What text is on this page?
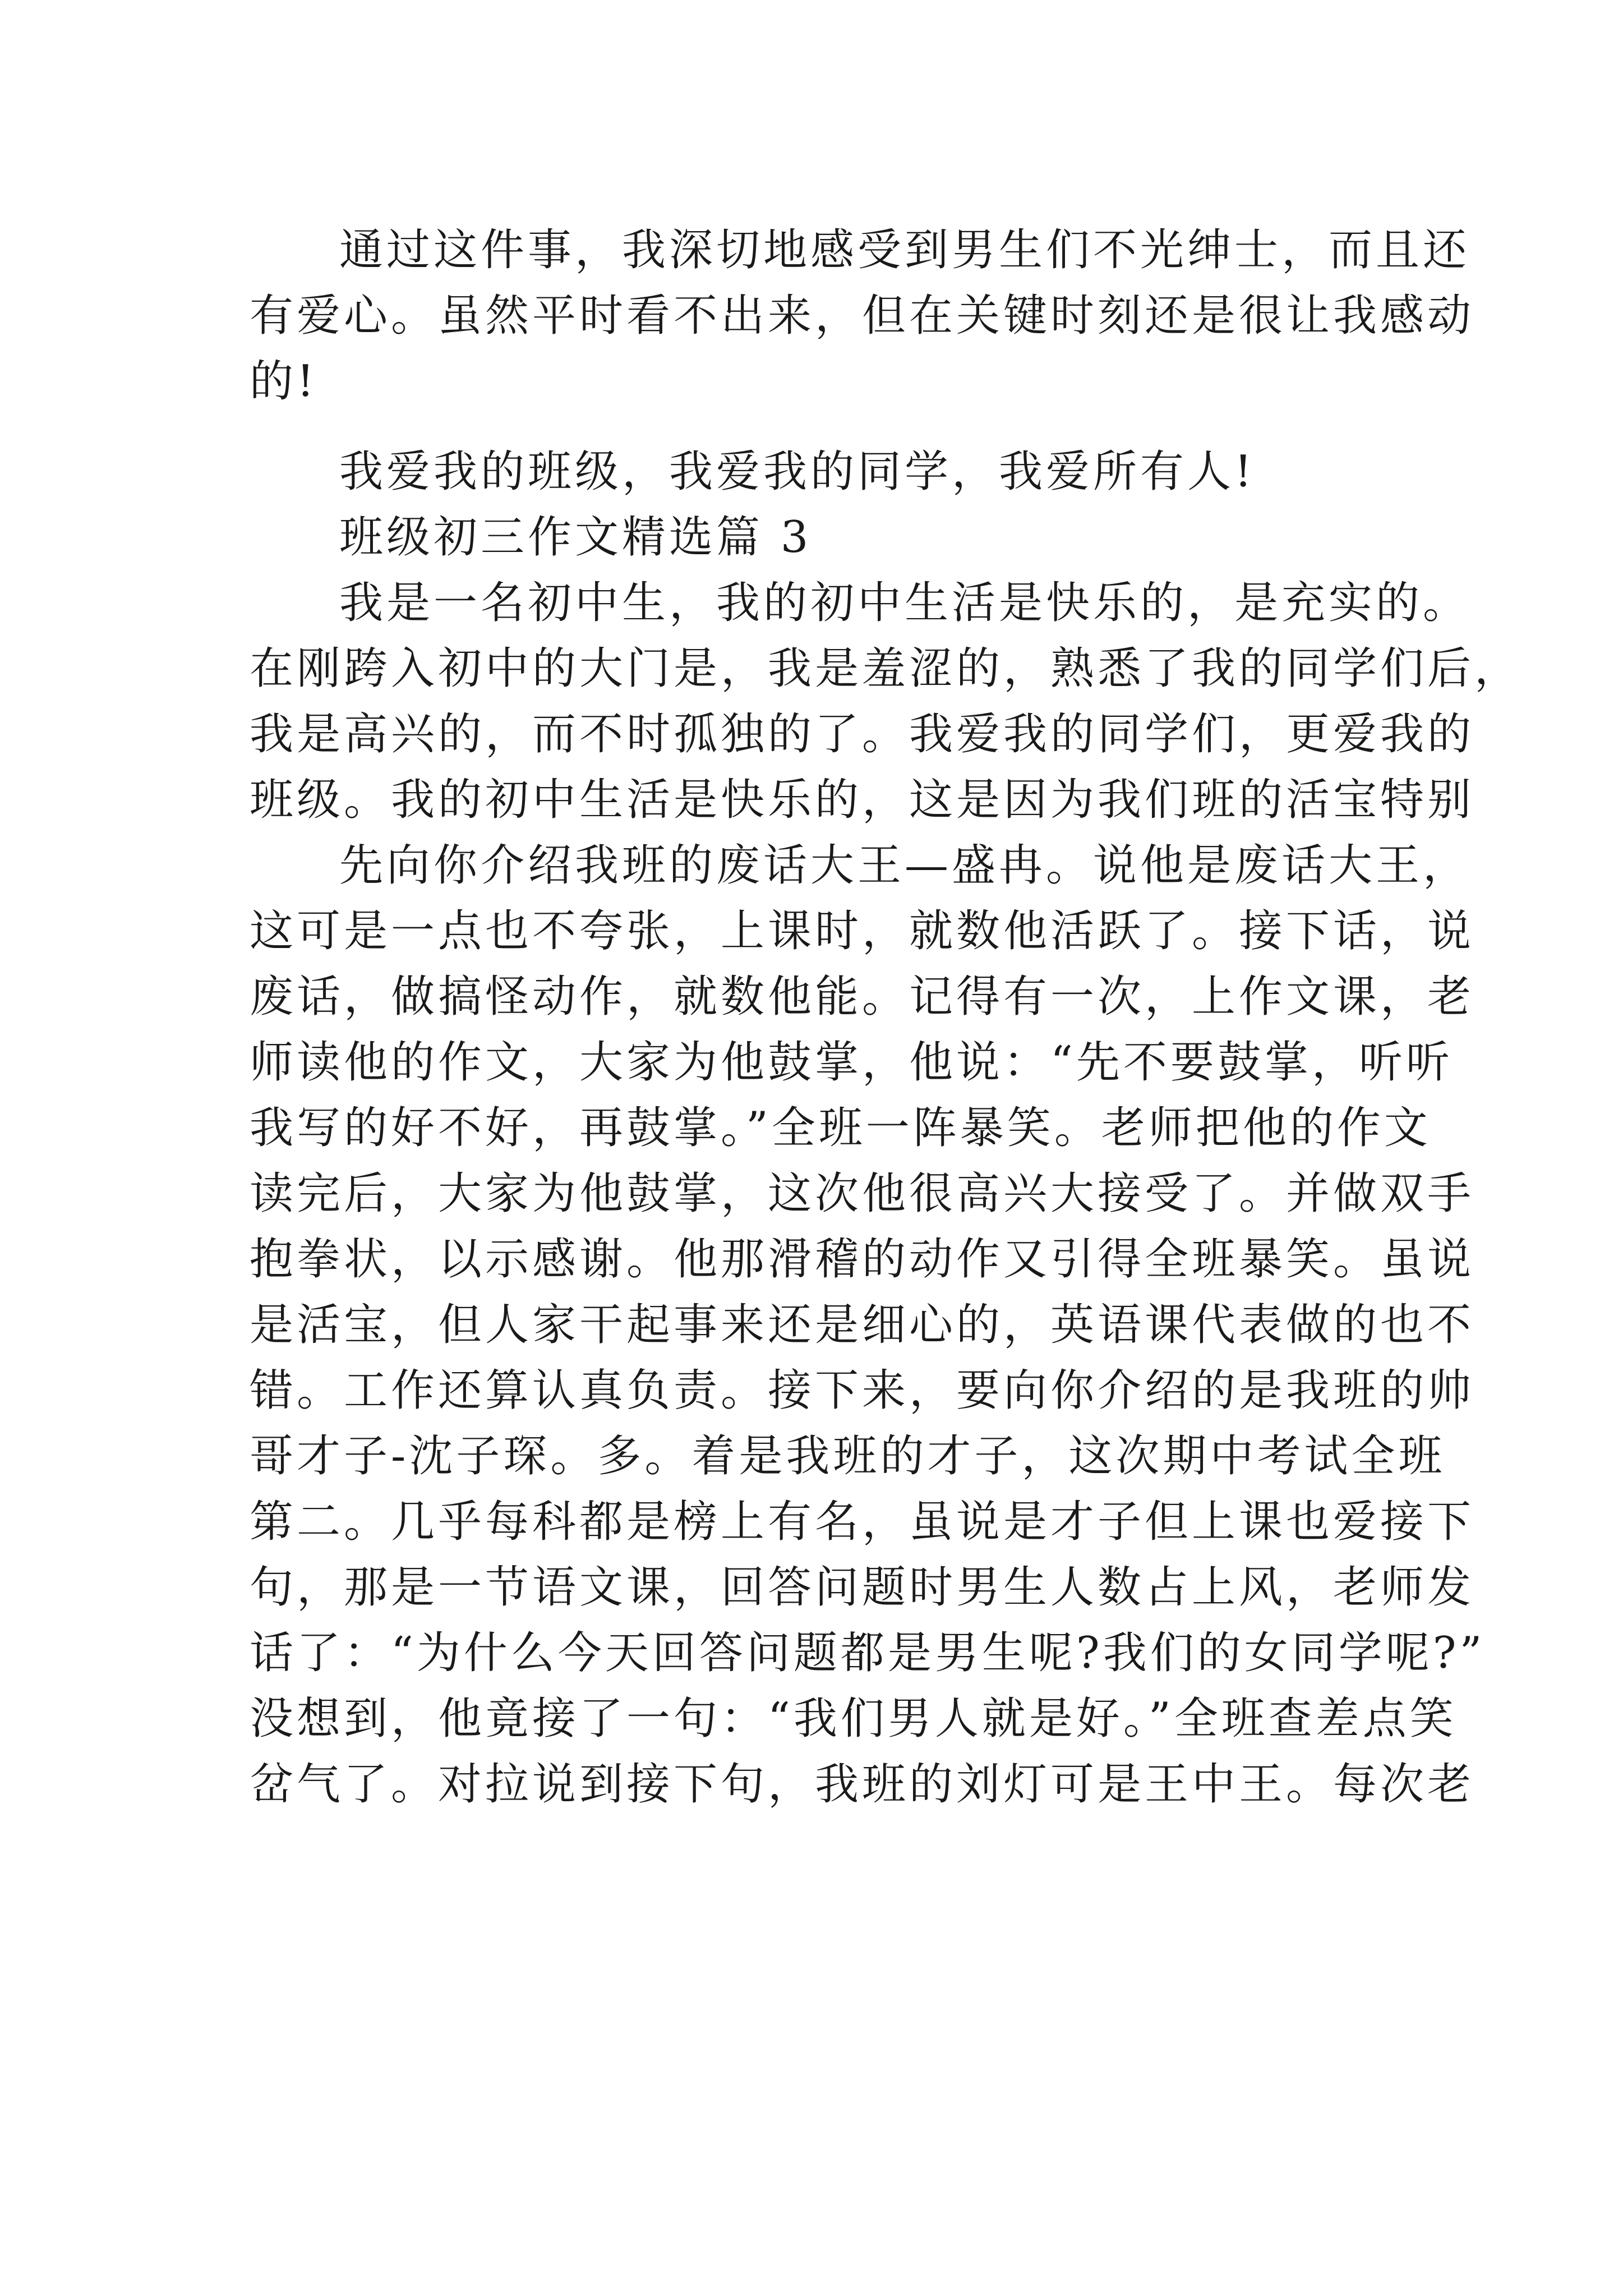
通过这件事，我深切地感受到男生们不光绅士，而且还
有爱心。虽然平时看不出来，但在关键时刻还是很让我感动
的!
我爱我的班级，我爱我的同学，我爱所有人!
班级初三作文精选篇 3
我是一名初中生，我的初中生活是快乐的，是充实的。
在刚跨入初中的大门是，我是羞涩的，熟悉了我的同学们后，
我是高兴的，而不时孤独的了。我爱我的同学们，更爱我的
班级。我的初中生活是快乐的，这是因为我们班的活宝特别
先向你介绍我班的废话大王—盛冉。说他是废话大王，
这可是一点也不夸张，上课时，就数他活跃了。接下话，说
废话，做搞怪动作，就数他能。记得有一次，上作文课，老
师读他的作文，大家为他鼓掌，他说：“先不要鼓掌，听听
我写的好不好，再鼓掌。”全班一阵暴笑。老师把他的作文
读完后，大家为他鼓掌，这次他很高兴大接受了。并做双手
抱拳状，以示感谢。他那滑稽的动作又引得全班暴笑。虽说
是活宝，但人家干起事来还是细心的，英语课代表做的也不
错。工作还算认真负责。接下来，要向你介绍的是我班的帅
哥才子-沈子琛。多。着是我班的才子，这次期中考试全班
第二。几乎每科都是榜上有名，虽说是才子但上课也爱接下
句，那是一节语文课，回答问题时男生人数占上风，老师发
话了：“为什么今天回答问题都是男生呢?我们的女同学呢?”
没想到，他竟接了一句：“我们男人就是好。”全班查差点笑
岔气了。对拉说到接下句，我班的刘灯可是王中王。每次老
